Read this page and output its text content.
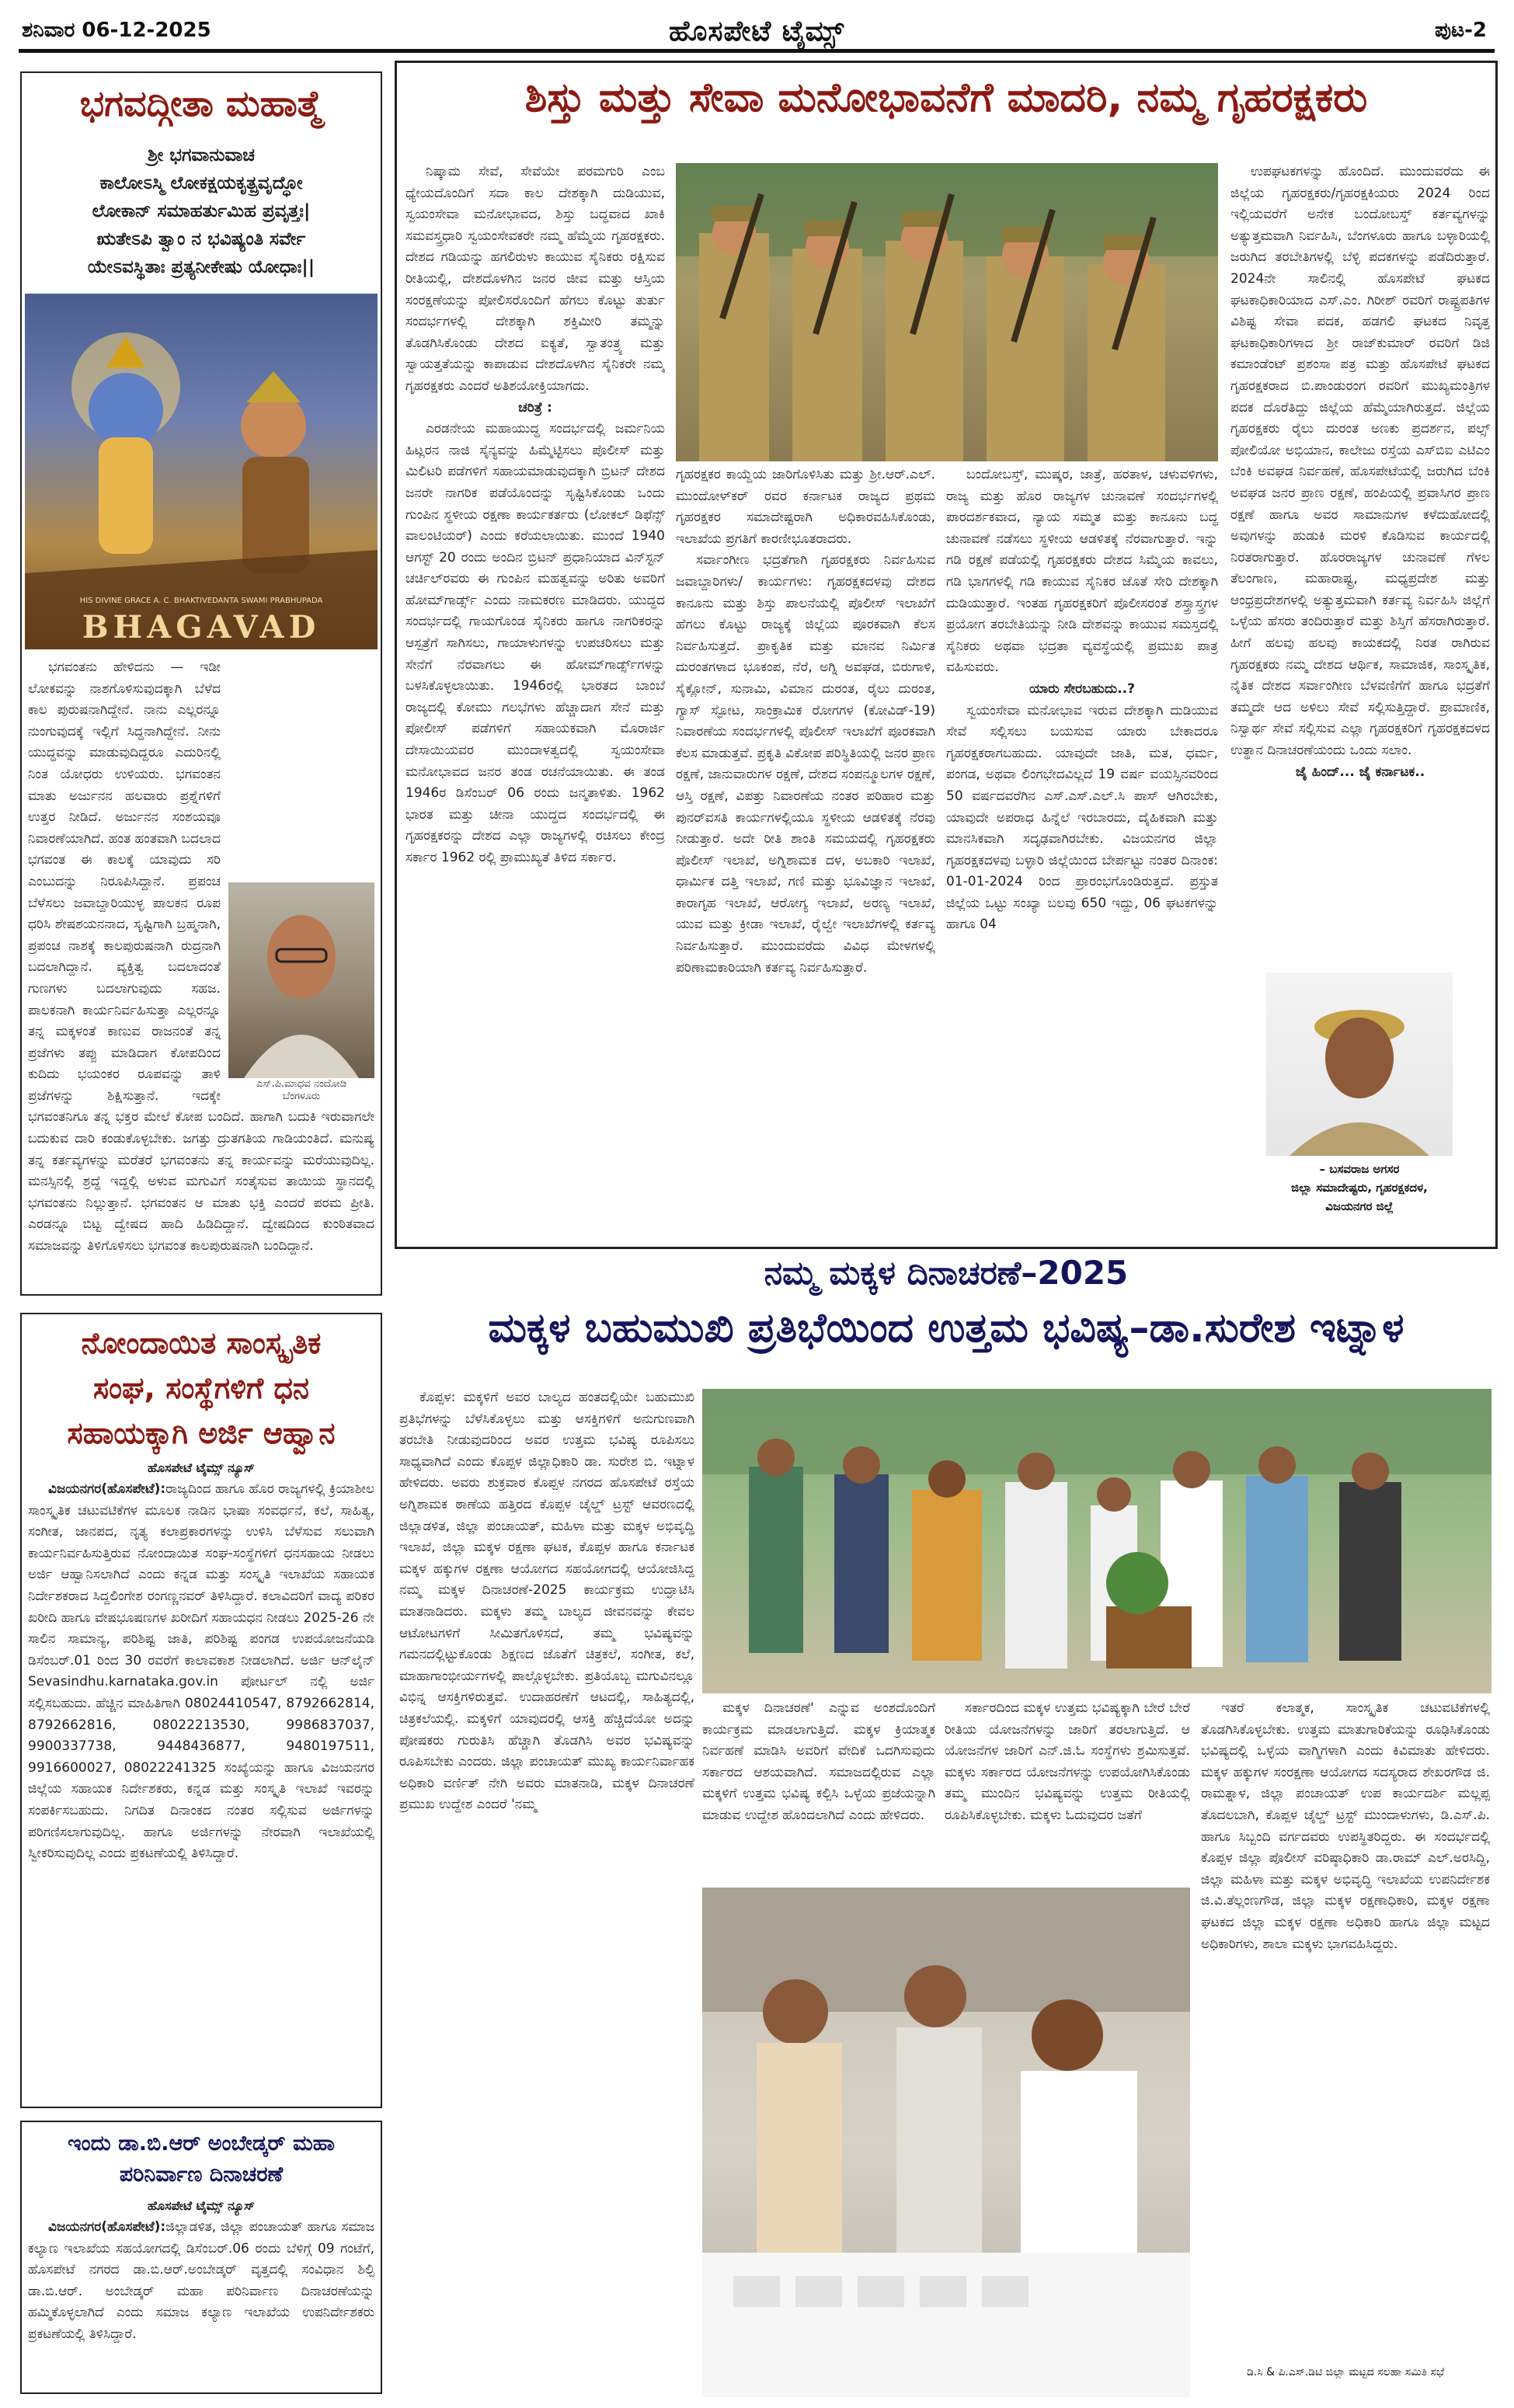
ಶನಿವಾರ 06-12-2025	ಹೊಸಪೇಟೆ ಟೈಮ್ಸ್	ಪುಟ-2
ಭಗವದ್ಗೀತಾ ಮಹಾತ್ಮೆ
ಶ್ರೀ ಭಗವಾನುವಾಚ
ಕಾಲೋಽಸ್ಮಿ ಲೋಕಕ್ಷಯಕೃತ್ಪ್ರವೃದ್ಧೋ
ಲೋಕಾನ್ ಸಮಾಹರ್ತುಮಿಹ ಪ್ರವೃತ್ತಃ|
ಋತೇಽಪಿ ತ್ವಾಂ ನ ಭವಿಷ್ಯಂತಿ ಸರ್ವೇ
ಯೇಽವಸ್ಥಿತಾಃ ಪ್ರತ್ಯನೀಕೇಷು ಯೋಧಾಃ||
HIS DIVINE GRACE A. C. BHAKTIVEDANTA SWAMI PRABHUPADA
BHAGAVAD
ಎಸ್.ಪಿ.ಮಾಧವ ನಂದೋಡಿ
ಬೆಂಗಳೂರು

ಭಗವಂತನು ಹೇಳಿದನು — ಇಡೀ ಲೋಕವನ್ನು ನಾಶಗೊಳಿಸುವುದಕ್ಕಾಗಿ ಬೆಳೆದ ಕಾಲ ಪುರುಷನಾಗಿದ್ದೇನೆ. ನಾನು ಎಲ್ಲರನ್ನೂ ನುಂಗುವುದಕ್ಕೆ ಇಲ್ಲಿಗೆ ಸಿದ್ದನಾಗಿದ್ದೇನೆ. ನೀನು ಯುದ್ಧವನ್ನು ಮಾಡುವುದಿದ್ದರೂ ಎದುರಿನಲ್ಲಿ ನಿಂತ ಯೋಧರು ಉಳಿಯರು. ಭಗವಂತನ ಮಾತು ಅರ್ಜುನನ ಹಲವಾರು ಪ್ರಶ್ನೆಗಳಿಗೆ ಉತ್ತರ ನೀಡಿದೆ. ಅರ್ಜುನನ ಸಂಶಯವೂ ನಿವಾರಣೆಯಾಗಿದೆ. ಹಂತ ಹಂತವಾಗಿ ಬದಲಾದ ಭಗವಂತ ಈ ಕಾಲಕ್ಕೆ ಯಾವುದು ಸರಿ ಎಂಬುದನ್ನು ನಿರೂಪಿಸಿದ್ದಾನೆ. ಪ್ರಪಂಚ ಬೆಳೆಸಲು ಜವಾಬ್ದಾರಿಯುಳ್ಳ ಪಾಲಕನ ರೂಪ ಧರಿಸಿ ಶೇಷಶಯನನಾದ, ಸೃಷ್ಟಿಗಾಗಿ ಬ್ರಹ್ಮನಾಗಿ, ಪ್ರಪಂಚ ನಾಶಕ್ಕೆ ಕಾಲಪುರುಷನಾಗಿ ರುದ್ರನಾಗಿ ಬದಲಾಗಿದ್ದಾನೆ. ವ್ಯಕ್ತಿತ್ವ ಬದಲಾದಂತೆ ಗುಣಗಳು ಬದಲಾಗುವುದು ಸಹಜ. ಪಾಲಕನಾಗಿ ಕಾರ್ಯನಿರ್ವಹಿಸುತ್ತಾ ಎಲ್ಲರನ್ನೂ ತನ್ನ ಮಕ್ಕಳಂತೆ ಕಾಣುವ ರಾಜನಂತೆ ತನ್ನ ಪ್ರಜೆಗಳು ತಪ್ಪು ಮಾಡಿದಾಗ ಕೋಪದಿಂದ ಕುದಿದು ಭಯಂಕರ ರೂಪವನ್ನು ತಾಳಿ ಪ್ರಜೆಗಳನ್ನು ಶಿಕ್ಷಿಸುತ್ತಾನೆ. ಇದಕ್ಕೇ ಭಗವಂತನಿಗೂ ತನ್ನ ಭಕ್ತರ ಮೇಲೆ ಕೋಪ ಬಂದಿದೆ. ಹಾಗಾಗಿ ಬದುಕಿ ಇರುವಾಗಲೇ ಬದುಕುವ ದಾರಿ ಕಂಡುಕೊಳ್ಳಬೇಕು. ಜಗತ್ತು ದ್ರುತಗತಿಯ ಗಾಡಿಯಂತಿದೆ. ಮನುಷ್ಯ ತನ್ನ ಕರ್ತವ್ಯಗಳನ್ನು ಮರೆತರೆ ಭಗವಂತನು ತನ್ನ ಕಾರ್ಯವನ್ನು ಮರೆಯುವುದಿಲ್ಲ. ಮನಸ್ಸಿನಲ್ಲಿ ಶ್ರದ್ಧೆ ಇದ್ದಲ್ಲಿ ಅಳುವ ಮಗುವಿಗೆ ಸಂತೈಸುವ ತಾಯಿಯ ಸ್ಥಾನದಲ್ಲಿ ಭಗವಂತನು ನಿಲ್ಲುತ್ತಾನೆ. ಭಗವಂತನ ಆ ಮಾತು ಭಕ್ತಿ ಎಂದರೆ ಪರಮ ಪ್ರೀತಿ. ಎರಡನ್ನೂ ಬಿಟ್ಟ ದ್ವೇಷದ ಹಾದಿ ಹಿಡಿದಿದ್ದಾನೆ. ದ್ವೇಷದಿಂದ ಕುಂಠಿತವಾದ ಸಮಾಜವನ್ನು ತಿಳಿಗೊಳಿಸಲು ಭಗವಂತ ಕಾಲಪುರುಷನಾಗಿ ಬಂದಿದ್ದಾನೆ.

ನೋಂದಾಯಿತ ಸಾಂಸ್ಕೃತಿಕ
ಸಂಘ, ಸಂಸ್ಥೆಗಳಿಗೆ ಧನ
ಸಹಾಯಕ್ಕಾಗಿ ಅರ್ಜಿ ಆಹ್ವಾನ
ಹೊಸಪೇಟೆ ಟೈಮ್ಸ್ ನ್ಯೂಸ್

ವಿಜಯನಗರ(ಹೊಸಪೇಟೆ):ರಾಜ್ಯದಿಂದ ಹಾಗೂ ಹೊರ ರಾಜ್ಯಗಳಲ್ಲಿ ಕ್ರಿಯಾಶೀಲ ಸಾಂಸ್ಕೃತಿಕ ಚಟುವಟಿಕೆಗಳ ಮೂಲಕ ನಾಡಿನ ಭಾಷಾ ಸಂವರ್ಧನೆ, ಕಲೆ, ಸಾಹಿತ್ಯ, ಸಂಗೀತ, ಜಾನಪದ, ನೃತ್ಯ ಕಲಾಪ್ರಕಾರಗಳನ್ನು ಉಳಿಸಿ ಬೆಳೆಸುವ ಸಲುವಾಗಿ ಕಾರ್ಯನಿರ್ವಹಿಸುತ್ತಿರುವ ನೋಂದಾಯಿತ ಸಂಘ-ಸಂಸ್ಥೆಗಳಿಗೆ ಧನಸಹಾಯ ನೀಡಲು ಅರ್ಜಿ ಆಹ್ವಾನಿಸಲಾಗಿದೆ ಎಂದು ಕನ್ನಡ ಮತ್ತು ಸಂಸ್ಕೃತಿ ಇಲಾಖೆಯ ಸಹಾಯಕ ನಿರ್ದೇಶಕರಾದ ಸಿದ್ದಲಿಂಗೇಶ ರಂಗಣ್ಣನವರ್ ತಿಳಿಸಿದ್ದಾರೆ. ಕಲಾವಿದರಿಗೆ ವಾದ್ಯ ಪರಿಕರ ಖರೀದಿ ಹಾಗೂ ವೇಷಭೂಷಣಗಳ ಖರೀದಿಗೆ ಸಹಾಯಧನ ನೀಡಲು 2025-26 ನೇ ಸಾಲಿನ ಸಾಮಾನ್ಯ, ಪರಿಶಿಷ್ಟ ಜಾತಿ, ಪರಿಶಿಷ್ಟ ಪಂಗಡ ಉಪಯೋಜನೆಯಡಿ ಡಿಸೆಂಬರ್.01 ರಿಂದ 30 ರವರೆಗೆ ಕಾಲಾವಕಾಶ ನೀಡಲಾಗಿದೆ. ಅರ್ಜಿ ಆನ್‌ಲೈನ್ Sevasindhu.karnataka.gov.in ಪೋರ್ಟಲ್ ನಲ್ಲಿ ಅರ್ಜಿ ಸಲ್ಲಿಸಬಹುದು. ಹೆಚ್ಚಿನ ಮಾಹಿತಿಗಾಗಿ 08024410547, 8792662814, 8792662816, 08022213530, 9986837037, 9900337738, 9448436877, 9480197511, 9916600027, 08022241325 ಸಂಖ್ಯೆಯನ್ನು ಹಾಗೂ ವಿಜಯನಗರ ಜಿಲ್ಲೆಯ ಸಹಾಯಕ ನಿರ್ದೇಶಕರು, ಕನ್ನಡ ಮತ್ತು ಸಂಸ್ಕೃತಿ ಇಲಾಖೆ ಇವರನ್ನು ಸಂಪರ್ಕಿಸಬಹುದು. ನಿಗದಿತ ದಿನಾಂಕದ ನಂತರ ಸಲ್ಲಿಸುವ ಅರ್ಜಿಗಳನ್ನು ಪರಿಗಣಿಸಲಾಗುವುದಿಲ್ಲ. ಹಾಗೂ ಅರ್ಜಿಗಳನ್ನು ನೇರವಾಗಿ ಇಲಾಖೆಯಲ್ಲಿ ಸ್ವೀಕರಿಸುವುದಿಲ್ಲ ಎಂದು ಪ್ರಕಟಣೆಯಲ್ಲಿ ತಿಳಿಸಿದ್ದಾರೆ.

ಇಂದು ಡಾ.ಬಿ.ಆರ್ ಅಂಬೇಡ್ಕರ್ ಮಹಾ
ಪರಿನಿರ್ವಾಣ ದಿನಾಚರಣೆ
ಹೊಸಪೇಟೆ ಟೈಮ್ಸ್ ನ್ಯೂಸ್

ವಿಜಯನಗರ(ಹೊಸಪೇಟೆ):ಜಿಲ್ಲಾಡಳಿತ, ಜಿಲ್ಲಾ ಪಂಚಾಯತ್ ಹಾಗೂ ಸಮಾಜ ಕಲ್ಯಾಣ ಇಲಾಖೆಯ ಸಹಯೋಗದಲ್ಲಿ ಡಿಸೆಂಬರ್.06 ರಂದು ಬೆಳಿಗ್ಗೆ 09 ಗಂಟೆಗೆ, ಹೊಸಪೇಟೆ ನಗರದ ಡಾ.ಬಿ.ಆರ್.ಅಂಬೇಡ್ಕರ್ ವೃತ್ತದಲ್ಲಿ ಸಂವಿಧಾನ ಶಿಲ್ಪಿ ಡಾ.ಬಿ.ಆರ್. ಅಂಬೇಡ್ಕರ್ ಮಹಾ ಪರಿನಿರ್ವಾಣ ದಿನಾಚರಣೆಯನ್ನು ಹಮ್ಮಿಕೊಳ್ಳಲಾಗಿದೆ ಎಂದು ಸಮಾಜ ಕಲ್ಯಾಣ ಇಲಾಖೆಯ ಉಪನಿರ್ದೇಶಕರು ಪ್ರಕಟಣೆಯಲ್ಲಿ ತಿಳಿಸಿದ್ದಾರೆ.

ಶಿಸ್ತು ಮತ್ತು ಸೇವಾ ಮನೋಭಾವನೆಗೆ ಮಾದರಿ, ನಮ್ಮ ಗೃಹರಕ್ಷಕರು

ನಿಷ್ಕಾಮ ಸೇವೆ, ಸೇವೆಯೇ ಪರಮಗುರಿ ಎಂಬ ಧ್ಯೇಯದೊಂದಿಗೆ ಸದಾ ಕಾಲ ದೇಶಕ್ಕಾಗಿ ದುಡಿಯುವ, ಸ್ವಯಂಸೇವಾ ಮನೋಭಾವದ, ಶಿಸ್ತು ಬದ್ಧವಾದ ಖಾಕಿ ಸಮವಸ್ತ್ರಧಾರಿ ಸ್ವಯಂಸೇವಕರೇ ನಮ್ಮ ಹೆಮ್ಮೆಯ ಗೃಹರಕ್ಷಕರು. ದೇಶದ ಗಡಿಯನ್ನು ಹಗಲಿರುಳು ಕಾಯುವ ಸೈನಿಕರು ರಕ್ಷಿಸುವ ರೀತಿಯಲ್ಲಿ, ದೇಶದೊಳಗಿನ ಜನರ ಜೀವ ಮತ್ತು ಆಸ್ತಿಯ ಸಂರಕ್ಷಣೆಯನ್ನು ಪೋಲಿಸರೊಂದಿಗೆ ಹೆಗಲು ಕೊಟ್ಟು ತುರ್ತು ಸಂದರ್ಭಗಳಲ್ಲಿ ದೇಶಕ್ಕಾಗಿ ಶಕ್ತಿಮೀರಿ ತಮ್ಮನ್ನು ತೊಡಗಿಸಿಕೊಂಡು ದೇಶದ ಐಕ್ಯತೆ, ಸ್ವಾತಂತ್ರ್ಯ ಮತ್ತು ಸ್ವಾಯತ್ತತೆಯನ್ನು ಕಾಪಾಡುವ ದೇಶದೊಳಗಿನ ಸೈನಿಕರೇ ನಮ್ಮ ಗೃಹರಕ್ಷಕರು ಎಂದರೆ ಅತಿಶಯೋಕ್ತಿಯಾಗದು.

ಚರಿತ್ರೆ :

ಎರಡನೇಯ ಮಹಾಯುದ್ಧ ಸಂದರ್ಭದಲ್ಲಿ ಜರ್ಮನಿಯ ಹಿಟ್ಲರನ ನಾಜಿ ಸೈನ್ಯವನ್ನು ಹಿಮ್ಮೆಟ್ಟಿಸಲು ಪೊಲೀಸ್ ಮತ್ತು ಮಿಲಿಟರಿ ಪಡೆಗಳಿಗೆ ಸಹಾಯಮಾಡುವುದಕ್ಕಾಗಿ ಬ್ರಿಟನ್ ದೇಶದ ಜನರೇ ನಾಗರಿಕ ಪಡೆಯೊಂದನ್ನು ಸೃಷ್ಟಿಸಿಕೊಂಡು ಒಂದು ಗುಂಪಿನ ಸ್ಥಳೀಯ ರಕ್ಷಣಾ ಕಾರ್ಯಕರ್ತರು (ಲೋಕಲ್ ಡಿಫೆನ್ಸ್ ವಾಲಂಟಿಯರ್) ಎಂದು ಕರೆಯಲಾಯಿತು. ಮುಂದೆ 1940 ಆಗಸ್ಟ್ 20 ರಂದು ಅಂದಿನ ಬ್ರಿಟನ್ ಪ್ರಧಾನಿಯಾದ ವಿನ್‌ಸ್ಟನ್ ಚರ್ಚಿಲ್‌ರವರು ಈ ಗುಂಪಿನ ಮಹತ್ವವನ್ನು ಅರಿತು ಅವರಿಗೆ ಹೋಮ್‌ಗಾರ್ಡ್ಸ್ ಎಂದು ನಾಮಕರಣ ಮಾಡಿದರು. ಯುದ್ಧದ ಸಂದರ್ಭದಲ್ಲಿ ಗಾಯಗೊಂಡ ಸೈನಿಕರು ಹಾಗೂ ನಾಗರಿಕರನ್ನು ಆಸ್ಪತ್ರೆಗೆ ಸಾಗಿಸಲು, ಗಾಯಾಳುಗಳನ್ನು ಉಪಚರಿಸಲು ಮತ್ತು ಸೇನೆಗೆ ನೆರವಾಗಲು ಈ ಹೋಮ್‌ಗಾರ್ಡ್ಸ್‌ಗಳನ್ನು ಬಳಸಿಕೊಳ್ಳಲಾಯಿತು. 1946ರಲ್ಲಿ ಭಾರತದ ಬಾಂಬೆ ರಾಜ್ಯದಲ್ಲಿ ಕೋಮು ಗಲಭೆಗಳು ಹೆಚ್ಚಾದಾಗ ಸೇನೆ ಮತ್ತು ಪೋಲೀಸ್ ಪಡೆಗಳಿಗೆ ಸಹಾಯಕವಾಗಿ ಮೊರಾರ್ಜಿ ದೇಸಾಯಿಯವರ ಮುಂದಾಳತ್ವದಲ್ಲಿ ಸ್ವಯಂಸೇವಾ ಮನೋಭಾವದ ಜನರ ತಂಡ ರಚನೆಯಾಯಿತು. ಈ ತಂಡ 1946ರ ಡಿಸೆಂಬರ್ 06 ರಂದು ಜನ್ಮತಾಳಿತು. 1962 ಭಾರತ ಮತ್ತು ಚೀನಾ ಯುದ್ಧದ ಸಂದರ್ಭದಲ್ಲಿ ಈ ಗೃಹರಕ್ಷಕರನ್ನು ದೇಶದ ಎಲ್ಲಾ ರಾಜ್ಯಗಳಲ್ಲಿ ರಚಿಸಲು ಕೇಂದ್ರ ಸರ್ಕಾರ 1962 ರಲ್ಲಿ ಪ್ರಾಮುಖ್ಯತೆ ತಿಳಿದ ಸರ್ಕಾರ.

ಗೃಹರಕ್ಷಕರ ಕಾಯ್ದೆಯ ಜಾರಿಗೊಳಿಸಿತು ಮತ್ತು ಶ್ರೀ.ಆರ್.ಎಲ್. ಮುಂದೋಳ್‌ಕರ್ ರವರ ಕರ್ನಾಟಕ ರಾಜ್ಯದ ಪ್ರಥಮ ಗೃಹರಕ್ಷಕರ ಸಮಾದೇಷ್ಟರಾಗಿ ಅಧಿಕಾರವಹಿಸಿಕೊಂಡು, ಇಲಾಖೆಯ ಪ್ರಗತಿಗೆ ಕಾರಣೀಭೂತರಾದರು.

ಸರ್ವಾಂಗೀಣ ಭದ್ರತೆಗಾಗಿ ಗೃಹರಕ್ಷಕರು ನಿರ್ವಹಿಸುವ ಜವಾಬ್ದಾರಿಗಳು/ ಕಾರ್ಯಗಳು: ಗೃಹರಕ್ಷಕದಳವು ದೇಶದ ಕಾನೂನು ಮತ್ತು ಶಿಸ್ತು ಪಾಲನೆಯಲ್ಲಿ ಪೊಲೀಸ್ ಇಲಾಖೆಗೆ ಹೆಗಲು ಕೊಟ್ಟು ರಾಜ್ಯಕ್ಕೆ ಜಿಲ್ಲೆಯ ಪೂರಕವಾಗಿ ಕೆಲಸ ನಿರ್ವಹಿಸುತ್ತದೆ. ಪ್ರಾಕೃತಿಕ ಮತ್ತು ಮಾನವ ನಿರ್ಮಿತ ದುರಂತಗಳಾದ ಭೂಕಂಪ, ನೆರೆ, ಅಗ್ನಿ ಅವಘಡ, ಬಿರುಗಾಳಿ, ಸೈಕ್ಲೋನ್, ಸುನಾಮಿ, ವಿಮಾನ ದುರಂತ, ರೈಲು ದುರಂತ, ಗ್ಯಾಸ್ ಸ್ಫೋಟ, ಸಾಂಕ್ರಾಮಿಕ ರೋಗಗಳ (ಕೋವಿಡ್-19) ನಿವಾರಣೆಯ ಸಂದರ್ಭಗಳಲ್ಲಿ ಪೊಲೀಸ್ ಇಲಾಖೆಗೆ ಪೂರಕವಾಗಿ ಕೆಲಸ ಮಾಡುತ್ತವೆ. ಪ್ರಕೃತಿ ವಿಕೋಪ ಪರಿಸ್ಥಿತಿಯಲ್ಲಿ ಜನರ ಪ್ರಾಣ ರಕ್ಷಣೆ, ಜಾನುವಾರುಗಳ ರಕ್ಷಣೆ, ದೇಶದ ಸಂಪನ್ಮೂಲಗಳ ರಕ್ಷಣೆ, ಆಸ್ತಿ ರಕ್ಷಣೆ, ವಿಪತ್ತು ನಿವಾರಣೆಯ ನಂತರ ಪರಿಹಾರ ಮತ್ತು ಪುನರ್‌ವಸತಿ ಕಾರ್ಯಗಳಲ್ಲಿಯೂ ಸ್ಥಳೀಯ ಆಡಳಿತಕ್ಕೆ ನೆರವು ನೀಡುತ್ತಾರೆ. ಅದೇ ರೀತಿ ಶಾಂತಿ ಸಮಯದಲ್ಲಿ ಗೃಹರಕ್ಷಕರು ಪೊಲೀಸ್ ಇಲಾಖೆ, ಅಗ್ನಿಶಾಮಕ ದಳ, ಅಬಕಾರಿ ಇಲಾಖೆ, ಧಾರ್ಮಿಕ ದತ್ತಿ ಇಲಾಖೆ, ಗಣಿ ಮತ್ತು ಭೂವಿಜ್ಞಾನ ಇಲಾಖೆ, ಕಾರಾಗೃಹ ಇಲಾಖೆ, ಆರೋಗ್ಯ ಇಲಾಖೆ, ಅರಣ್ಯ ಇಲಾಖೆ, ಯುವ ಮತ್ತು ಕ್ರೀಡಾ ಇಲಾಖೆ, ರೈಲ್ವೇ ಇಲಾಖೆಗಳಲ್ಲಿ ಕರ್ತವ್ಯ ನಿರ್ವಹಿಸುತ್ತಾರೆ. ಮುಂದುವರೆದು ವಿವಿಧ ಮೇಳಗಳಲ್ಲಿ ಪರಿಣಾಮಕಾರಿಯಾಗಿ ಕರ್ತವ್ಯ ನಿರ್ವಹಿಸುತ್ತಾರೆ.

ಬಂದೋಬಸ್ತ್, ಮುಷ್ಕರ, ಜಾತ್ರೆ, ಹರತಾಳ, ಚಳುವಳಿಗಳು, ರಾಜ್ಯ ಮತ್ತು ಹೊರ ರಾಜ್ಯಗಳ ಚುನಾವಣೆ ಸಂದರ್ಭಗಳಲ್ಲಿ ಪಾರದರ್ಶಕವಾದ, ನ್ಯಾಯ ಸಮ್ಮತ ಮತ್ತು ಕಾನೂನು ಬದ್ಧ ಚುನಾವಣೆ ನಡೆಸಲು ಸ್ಥಳೀಯ ಆಡಳಿತಕ್ಕೆ ನೆರವಾಗುತ್ತಾರೆ. ಇನ್ನು ಗಡಿ ರಕ್ಷಣೆ ಪಡೆಯಲ್ಲಿ ಗೃಹರಕ್ಷಕರು ದೇಶದ ಸಿಮ್ಮೆಯ ಕಾವಲು, ಗಡಿ ಭಾಗಗಳಲ್ಲಿ ಗಡಿ ಕಾಯುವ ಸೈನಿಕರ ಜೊತೆ ಸೇರಿ ದೇಶಕ್ಕಾಗಿ ದುಡಿಯುತ್ತಾರೆ. ಇಂತಹ ಗೃಹರಕ್ಷಕರಿಗೆ ಪೊಲೀಸರಂತೆ ಶಸ್ತ್ರಾಸ್ತ್ರಗಳ ಪ್ರಯೋಗ ತರಬೇತಿಯನ್ನು ನೀಡಿ ದೇಶವನ್ನು ಕಾಯುವ ಸಮಸ್ತದಲ್ಲಿ ಸೈನಿಕರು ಅಥವಾ ಭದ್ರತಾ ವ್ಯವಸ್ಥೆಯಲ್ಲಿ ಪ್ರಮುಖ ಪಾತ್ರ ವಹಿಸುವರು.

ಯಾರು ಸೇರಬಹುದು..?

ಸ್ವಯಂಸೇವಾ ಮನೋಭಾವ ಇರುವ ದೇಶಕ್ಕಾಗಿ ದುಡಿಯುವ ಸೇವೆ ಸಲ್ಲಿಸಲು ಬಯಸುವ ಯಾರು ಬೇಕಾದರೂ ಗೃಹರಕ್ಷಕರಾಗಬಹುದು. ಯಾವುದೇ ಜಾತಿ, ಮತ, ಧರ್ಮ, ಪಂಗಡ, ಅಥವಾ ಲಿಂಗಭೇದವಿಲ್ಲದೆ 19 ವರ್ಷ ವಯಸ್ಸಿನವರಿಂದ 50 ವರ್ಷದವರೆಗಿನ ಎಸ್.ಎಸ್.ಎಲ್.ಸಿ ಪಾಸ್ ಆಗಿರಬೇಕು, ಯಾವುದೇ ಅಪರಾಧ ಹಿನ್ನೆಲೆ ಇರಬಾರದು, ದೈಹಿಕವಾಗಿ ಮತ್ತು ಮಾನಸಿಕವಾಗಿ ಸದೃಢವಾಗಿರಬೇಕು. ವಿಜಯನಗರ ಜಿಲ್ಲಾ ಗೃಹರಕ್ಷಕದಳವು ಬಳ್ಳಾರಿ ಜಿಲ್ಲೆಯಿಂದ ಬೇರ್ಪಟ್ಟು ನಂತರ ದಿನಾಂಕ: 01-01-2024 ರಿಂದ ಪ್ರಾರಂಭಗೊಂಡಿರುತ್ತದೆ. ಪ್ರಸ್ತುತ ಜಿಲ್ಲೆಯ ಒಟ್ಟು ಸಂಖ್ಯಾ ಬಲವು 650 ಇದ್ದು, 06 ಘಟಕಗಳನ್ನು ಹಾಗೂ 04

ಉಪಘಟಕಗಳನ್ನು ಹೊಂದಿದೆ. ಮುಂದುವರೆದು ಈ ಜಿಲ್ಲೆಯ ಗೃಹರಕ್ಷಕರು/ಗೃಹರಕ್ಷಕಿಯರು 2024 ರಿಂದ ಇಲ್ಲಿಯವರೆಗೆ ಅನೇಕ ಬಂದೋಬಸ್ತ್ ಕರ್ತವ್ಯಗಳನ್ನು ಅತ್ಯುತ್ತಮವಾಗಿ ನಿರ್ವಹಿಸಿ, ಬೆಂಗಳೂರು ಹಾಗೂ ಬಳ್ಳಾರಿಯಲ್ಲಿ ಜರುಗಿದ ತರಬೇತಿಗಳಲ್ಲಿ ಬೆಳ್ಳಿ ಪದಕಗಳನ್ನು ಪಡೆದಿರುತ್ತಾರೆ. 2024ನೇ ಸಾಲಿನಲ್ಲಿ ಹೊಸಪೇಟೆ ಘಟಕದ ಘಟಕಾಧಿಕಾರಿಯಾದ ಎಸ್.ಎಂ. ಗಿರೀಶ್ ರವರಿಗೆ ರಾಷ್ಟ್ರಪತಿಗಳ ವಿಶಿಷ್ಟ ಸೇವಾ ಪದಕ, ಹಡಗಲಿ ಘಟಕದ ನಿವೃತ್ತ ಘಟಕಾಧಿಕಾರಿಗಳಾದ ಶ್ರೀ ರಾಜ್‌ಕುಮಾರ್ ರವರಿಗೆ ಡಿಜಿ ಕಮಾಂಡೆಂಟ್ ಪ್ರಶಂಸಾ ಪತ್ರ ಮತ್ತು ಹೊಸಪೇಟೆ ಘಟಕದ ಗೃಹರಕ್ಷಕರಾದ ಬಿ.ಪಾಂಡುರಂಗ ರವರಿಗೆ ಮುಖ್ಯಮಂತ್ರಿಗಳ ಪದಕ ದೊರೆತಿದ್ದು ಜಿಲ್ಲೆಯ ಹೆಮ್ಮೆಯಾಗಿರುತ್ತದೆ. ಜಿಲ್ಲೆಯ ಗೃಹರಕ್ಷಕರು ರೈಲು ದುರಂತ ಅಣಕು ಪ್ರದರ್ಶನ, ಪಲ್ಸ್ ಪೋಲಿಯೋ ಅಭಿಯಾನ, ಕಾಲೇಜು ರಸ್ತೆಯ ಎಸ್‌ಬಿಐ ಎಟಿಎಂ ಬೆಂಕಿ ಅವಘಡ ನಿರ್ವಹಣೆ, ಹೊಸಪೇಟೆಯಲ್ಲಿ ಜರುಗಿದ ಬೆಂಕಿ ಅವಘಡ ಜನರ ಪ್ರಾಣ ರಕ್ಷಣೆ, ಹಂಪಿಯಲ್ಲಿ ಪ್ರವಾಸಿಗರ ಪ್ರಾಣ ರಕ್ಷಣೆ ಹಾಗೂ ಅವರ ಸಾಮಾನುಗಳ ಕಳೆದುಹೋದಲ್ಲಿ ಅವುಗಳನ್ನು ಹುಡುಕಿ ಮರಳಿ ಕೊಡಿಸುವ ಕಾರ್ಯದಲ್ಲಿ ನಿರತರಾಗುತ್ತಾರೆ. ಹೊರರಾಜ್ಯಗಳ ಚುನಾವಣೆ ಗೆಳಲ ತೆಲಂಗಾಣ, ಮಹಾರಾಷ್ಟ್ರ, ಮಧ್ಯಪ್ರದೇಶ ಮತ್ತು ಆಂಧ್ರಪ್ರದೇಶಗಳಲ್ಲಿ ಅತ್ಯುತ್ತಮವಾಗಿ ಕರ್ತವ್ಯ ನಿರ್ವಹಿಸಿ ಜಿಲ್ಲೆಗೆ ಒಳ್ಳೆಯ ಹೆಸರು ತಂದಿರುತ್ತಾರೆ ಮತ್ತು ಶಿಸ್ತಿಗೆ ಹೆಸರಾಗಿರುತ್ತಾರೆ. ಹೀಗೆ ಹಲವು ಹಲವು ಕಾಯಕದಲ್ಲಿ ನಿರತ ರಾಗಿರುವ ಗೃಹರಕ್ಷಕರು ನಮ್ಮ ದೇಶದ ಆರ್ಥಿಕ, ಸಾಮಾಜಿಕ, ಸಾಂಸ್ಕೃತಿಕ, ನೈತಿಕ ದೇಶದ ಸರ್ವಾಂಗೀಣ ಬೆಳವಣಿಗೆಗೆ ಹಾಗೂ ಭದ್ರತೆಗೆ ತಮ್ಮದೇ ಆದ ಅಳಿಲು ಸೇವೆ ಸಲ್ಲಿಸುತ್ತಿದ್ದಾರೆ. ಪ್ರಾಮಾಣಿಕ, ನಿಸ್ವಾರ್ಥ ಸೇವೆ ಸಲ್ಲಿಸುವ ಎಲ್ಲಾ ಗೃಹರಕ್ಷಕರಿಗೆ ಗೃಹರಕ್ಷಕದಳದ ಉತ್ಥಾನ ದಿನಾಚರಣೆಯಂದು ಒಂದು ಸಲಾಂ.

ಜೈ ಹಿಂದ್... ಜೈ ಕರ್ನಾಟಕ..
– ಬಸವರಾಜ ಅಗಸರ
ಜಿಲ್ಲಾ ಸಮಾದೇಷ್ಟರು, ಗೃಹರಕ್ಷಕದಳ,
ವಿಜಯನಗರ ಜಿಲ್ಲೆ
ನಮ್ಮ ಮಕ್ಕಳ ದಿನಾಚರಣೆ–2025
ಮಕ್ಕಳ ಬಹುಮುಖಿ ಪ್ರತಿಭೆಯಿಂದ ಉತ್ತಮ ಭವಿಷ್ಯ–ಡಾ.ಸುರೇಶ ಇಟ್ನಾಳ

ಕೊಪ್ಪಳ: ಮಕ್ಕಳಿಗೆ ಅವರ ಬಾಲ್ಯದ ಹಂತದಲ್ಲಿಯೇ ಬಹುಮುಖಿ ಪ್ರತಿಭೆಗಳನ್ನು ಬೆಳೆಸಿಕೊಳ್ಳಲು ಮತ್ತು ಆಸಕ್ತಿಗಳಿಗೆ ಅನುಗುಣವಾಗಿ ತರಬೇತಿ ನೀಡುವುದರಿಂದ ಅವರ ಉತ್ತಮ ಭವಿಷ್ಯ ರೂಪಿಸಲು ಸಾಧ್ಯವಾಗಿದೆ ಎಂದು ಕೊಪ್ಪಳ ಜಿಲ್ಲಾಧಿಕಾರಿ ಡಾ. ಸುರೇಶ ಬಿ. ಇಟ್ನಾಳ ಹೇಳಿದರು. ಅವರು ಶುಕ್ರವಾರ ಕೊಪ್ಪಳ ನಗರದ ಹೊಸಪೇಟೆ ರಸ್ತೆಯ ಅಗ್ನಿಶಾಮಕ ಠಾಣೆಯ ಹತ್ತಿರದ ಕೊಪ್ಪಳ ಚೈಲ್ಡ್ ಟ್ರಸ್ಟ್ ಆವರಣದಲ್ಲಿ ಜಿಲ್ಲಾಡಳಿತ, ಜಿಲ್ಲಾ ಪಂಚಾಯತ್, ಮಹಿಳಾ ಮತ್ತು ಮಕ್ಕಳ ಅಭಿವೃದ್ಧಿ ಇಲಾಖೆ, ಜಿಲ್ಲಾ ಮಕ್ಕಳ ರಕ್ಷಣಾ ಘಟಕ, ಕೊಪ್ಪಳ ಹಾಗೂ ಕರ್ನಾಟಕ ಮಕ್ಕಳ ಹಕ್ಕುಗಳ ರಕ್ಷಣಾ ಆಯೋಗದ ಸಹಯೋಗದಲ್ಲಿ ಆಯೋಜಿಸಿದ್ದ ನಮ್ಮ ಮಕ್ಕಳ ದಿನಾಚರಣೆ-2025 ಕಾರ್ಯಕ್ರಮ ಉದ್ಘಾಟಿಸಿ ಮಾತನಾಡಿದರು. ಮಕ್ಕಳು ತಮ್ಮ ಬಾಲ್ಯದ ಜೀವನವನ್ನು ಕೇವಲ ಆಟೋಟಗಳಿಗೆ ಸೀಮಿತಗೊಳಿಸದೆ, ತಮ್ಮ ಭವಿಷ್ಯವನ್ನು ಗಮನದಲ್ಲಿಟ್ಟುಕೊಂಡು ಶಿಕ್ಷಣದ ಜೊತೆಗೆ ಚಿತ್ರಕಲೆ, ಸಂಗೀತ, ಕಲೆ, ಮಾಹಾಗಾಂಭೀರ್ಯಗಳಲ್ಲಿ ಪಾಲ್ಗೊಳ್ಳಬೇಕು. ಪ್ರತಿಯೊಬ್ಬ ಮಗುವಿನಲ್ಲೂ ವಿಭಿನ್ನ ಆಸಕ್ತಿಗಳಿರುತ್ತವೆ. ಉದಾಹರಣೆಗೆ ಆಟದಲ್ಲಿ, ಸಾಹಿತ್ಯದಲ್ಲಿ, ಚಿತ್ರಕಲೆಯಲ್ಲಿ. ಮಕ್ಕಳಿಗೆ ಯಾವುದರಲ್ಲಿ ಆಸಕ್ತಿ ಹೆಚ್ಚಿದೆಯೋ ಅದನ್ನು ಪೋಷಕರು ಗುರುತಿಸಿ ಹೆಚ್ಚಾಗಿ ತೊಡಗಿಸಿ ಅವರ ಭವಿಷ್ಯವನ್ನು ರೂಪಿಸಬೇಕು ಎಂದರು. ಜಿಲ್ಲಾ ಪಂಚಾಯತ್ ಮುಖ್ಯ ಕಾರ್ಯನಿರ್ವಾಹಕ ಅಧಿಕಾರಿ ವರ್ಣಿತ್ ನೇಗಿ ಅವರು ಮಾತನಾಡಿ, ಮಕ್ಕಳ ದಿನಾಚರಣೆ ಪ್ರಮುಖ ಉದ್ದೇಶ ಎಂದರೆ 'ನಮ್ಮ

ಮಕ್ಕಳ ದಿನಾಚರಣೆ' ಎನ್ನುವ ಅಂಶದೊಂದಿಗೆ ಕಾರ್ಯಕ್ರಮ ಮಾಡಲಾಗುತ್ತಿದೆ. ಮಕ್ಕಳ ಕ್ರಿಯಾತ್ಮಕ ನಿರ್ವಹಣೆ ಮಾಡಿಸಿ ಅವರಿಗೆ ವೇದಿಕೆ ಒದಗಿಸುವುದು ಸರ್ಕಾರದ ಆಶಯವಾಗಿದೆ. ಸಮಾಜದಲ್ಲಿರುವ ಎಲ್ಲಾ ಮಕ್ಕಳಿಗೆ ಉತ್ತಮ ಭವಿಷ್ಯ ಕಲ್ಪಿಸಿ ಒಳ್ಳೆಯ ಪ್ರಜೆಯನ್ನಾಗಿ ಮಾಡುವ ಉದ್ದೇಶ ಹೊಂದಲಾಗಿದೆ ಎಂದು ಹೇಳಿದರು.

ಸರ್ಕಾರದಿಂದ ಮಕ್ಕಳ ಉತ್ತಮ ಭವಿಷ್ಯಕ್ಕಾಗಿ ಬೇರೆ ಬೇರೆ ರೀತಿಯ ಯೋಜನೆಗಳನ್ನು ಜಾರಿಗೆ ತರಲಾಗುತ್ತಿದೆ. ಆ ಯೋಜನೆಗಳ ಜಾರಿಗೆ ಎನ್.ಜಿ.ಓ ಸಂಸ್ಥೆಗಳು ಶ್ರಮಿಸುತ್ತವೆ. ಮಕ್ಕಳು ಸರ್ಕಾರದ ಯೋಜನೆಗಳನ್ನು ಉಪಯೋಗಿಸಿಕೊಂಡು ತಮ್ಮ ಮುಂದಿನ ಭವಿಷ್ಯವನ್ನು ಉತ್ತಮ ರೀತಿಯಲ್ಲಿ ರೂಪಿಸಿಕೊಳ್ಳಬೇಕು. ಮಕ್ಕಳು ಓದುವುದರ ಜತೆಗೆ

ಇತರೆ ಕಲಾತ್ಮಕ, ಸಾಂಸ್ಕೃತಿಕ ಚಟುವಟಿಕೆಗಳಲ್ಲಿ ತೊಡಗಿಸಿಕೊಳ್ಳಬೇಕು. ಉತ್ತಮ ಮಾತುಗಾರಿಕೆಯನ್ನು ರೂಢಿಸಿಕೊಂಡು ಭವಿಷ್ಯದಲ್ಲಿ ಒಳ್ಳೆಯ ವಾಗ್ಮಿಗಳಾಗಿ ಎಂದು ಕಿವಿಮಾತು ಹೇಳಿದರು. ಮಕ್ಕಳ ಹಕ್ಕುಗಳ ಸಂರಕ್ಷಣಾ ಆಯೋಗದ ಸದಸ್ಯರಾದ ಶೇಖರಗೌಡ ಜಿ. ರಾಮತ್ನಾಳ, ಜಿಲ್ಲಾ ಪಂಚಾಯತ್ ಉಪ ಕಾರ್ಯದರ್ಶಿ ಮಲ್ಲಪ್ಪ ತೊದಲಬಾಗಿ, ಕೊಪ್ಪಳ ಚೈಲ್ಡ್ ಟ್ರಸ್ಟ್ ಮುಂದಾಳುಗಳು, ಡಿ.ಎಸ್.ಪಿ. ಹಾಗೂ ಸಿಬ್ಬಂದಿ ವರ್ಗದವರು ಉಪಸ್ಥಿತರಿದ್ದರು. ಈ ಸಂದರ್ಭದಲ್ಲಿ ಕೊಪ್ಪಳ ಜಿಲ್ಲಾ ಪೊಲೀಸ್ ವರಿಷ್ಠಾಧಿಕಾರಿ ಡಾ.ರಾಮ್ ಎಲ್.ಅರಸಿದ್ದಿ, ಜಿಲ್ಲಾ ಮಹಿಳಾ ಮತ್ತು ಮಕ್ಕಳ ಅಭಿವೃದ್ಧಿ ಇಲಾಖೆಯ ಉಪನಿರ್ದೇಶಕ ಜಿ.ವಿ.ತೆಲ್ಲಂಣಗೌಡ, ಜಿಲ್ಲಾ ಮಕ್ಕಳ ರಕ್ಷಣಾಧಿಕಾರಿ, ಮಕ್ಕಳ ರಕ್ಷಣಾ ಘಟಕದ ಜಿಲ್ಲಾ ಮಕ್ಕಳ ರಕ್ಷಣಾ ಅಧಿಕಾರಿ ಹಾಗೂ ಜಿಲ್ಲಾ ಮಟ್ಟದ ಅಧಿಕಾರಿಗಳು, ಶಾಲಾ ಮಕ್ಕಳು ಭಾಗವಹಿಸಿದ್ದರು.

ಡಿ.ಸಿ & ಪಿ.ಎಸ್.ಡಿಟಿ ಜಿಲ್ಲಾ ಮಟ್ಟದ ಸಲಹಾ ಸಮಿತಿ ಸಭೆ
